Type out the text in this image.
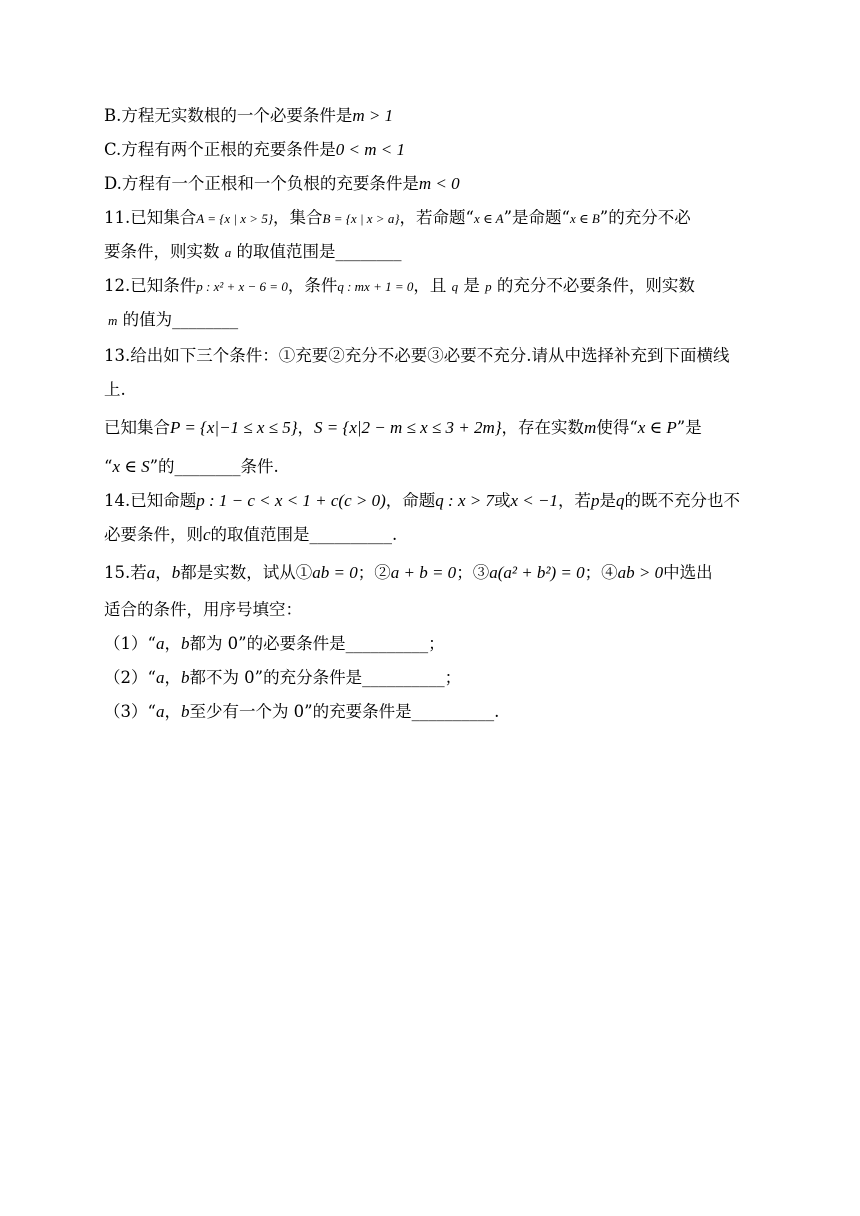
B.方程无实数根的一个必要条件是m > 1
C.方程有两个正根的充要条件是0 < m < 1
D.方程有一个正根和一个负根的充要条件是m < 0
11.已知集合A = {x | x > 5}，集合B = {x | x > a}，若命题“x ∈ A”是命题“x ∈ B”的充分不必
要条件，则实数 a 的取值范围是________
12.已知条件p : x² + x − 6 = 0，条件q : mx + 1 = 0，且 q 是 p 的充分不必要条件，则实数
m 的值为________
13.给出如下三个条件：①充要②充分不必要③必要不充分.请从中选择补充到下面横线
上.
已知集合P = {x|−1 ≤ x ≤ 5}，S = {x|2 − m ≤ x ≤ 3 + 2m}，存在实数m使得“x ∈ P”是
“x ∈ S”的________条件.
14.已知命题p : 1 − c < x < 1 + c(c > 0)，命题q : x > 7或x < −1，若p是q的既不充分也不
必要条件，则c的取值范围是__________.
15.若a，b都是实数，试从①ab = 0；②a + b = 0；③a(a² + b²) = 0；④ab > 0中选出
适合的条件，用序号填空：
（1）“a，b都为 0”的必要条件是__________；
（2）“a，b都不为 0”的充分条件是__________；
（3）“a，b至少有一个为 0”的充要条件是__________.
